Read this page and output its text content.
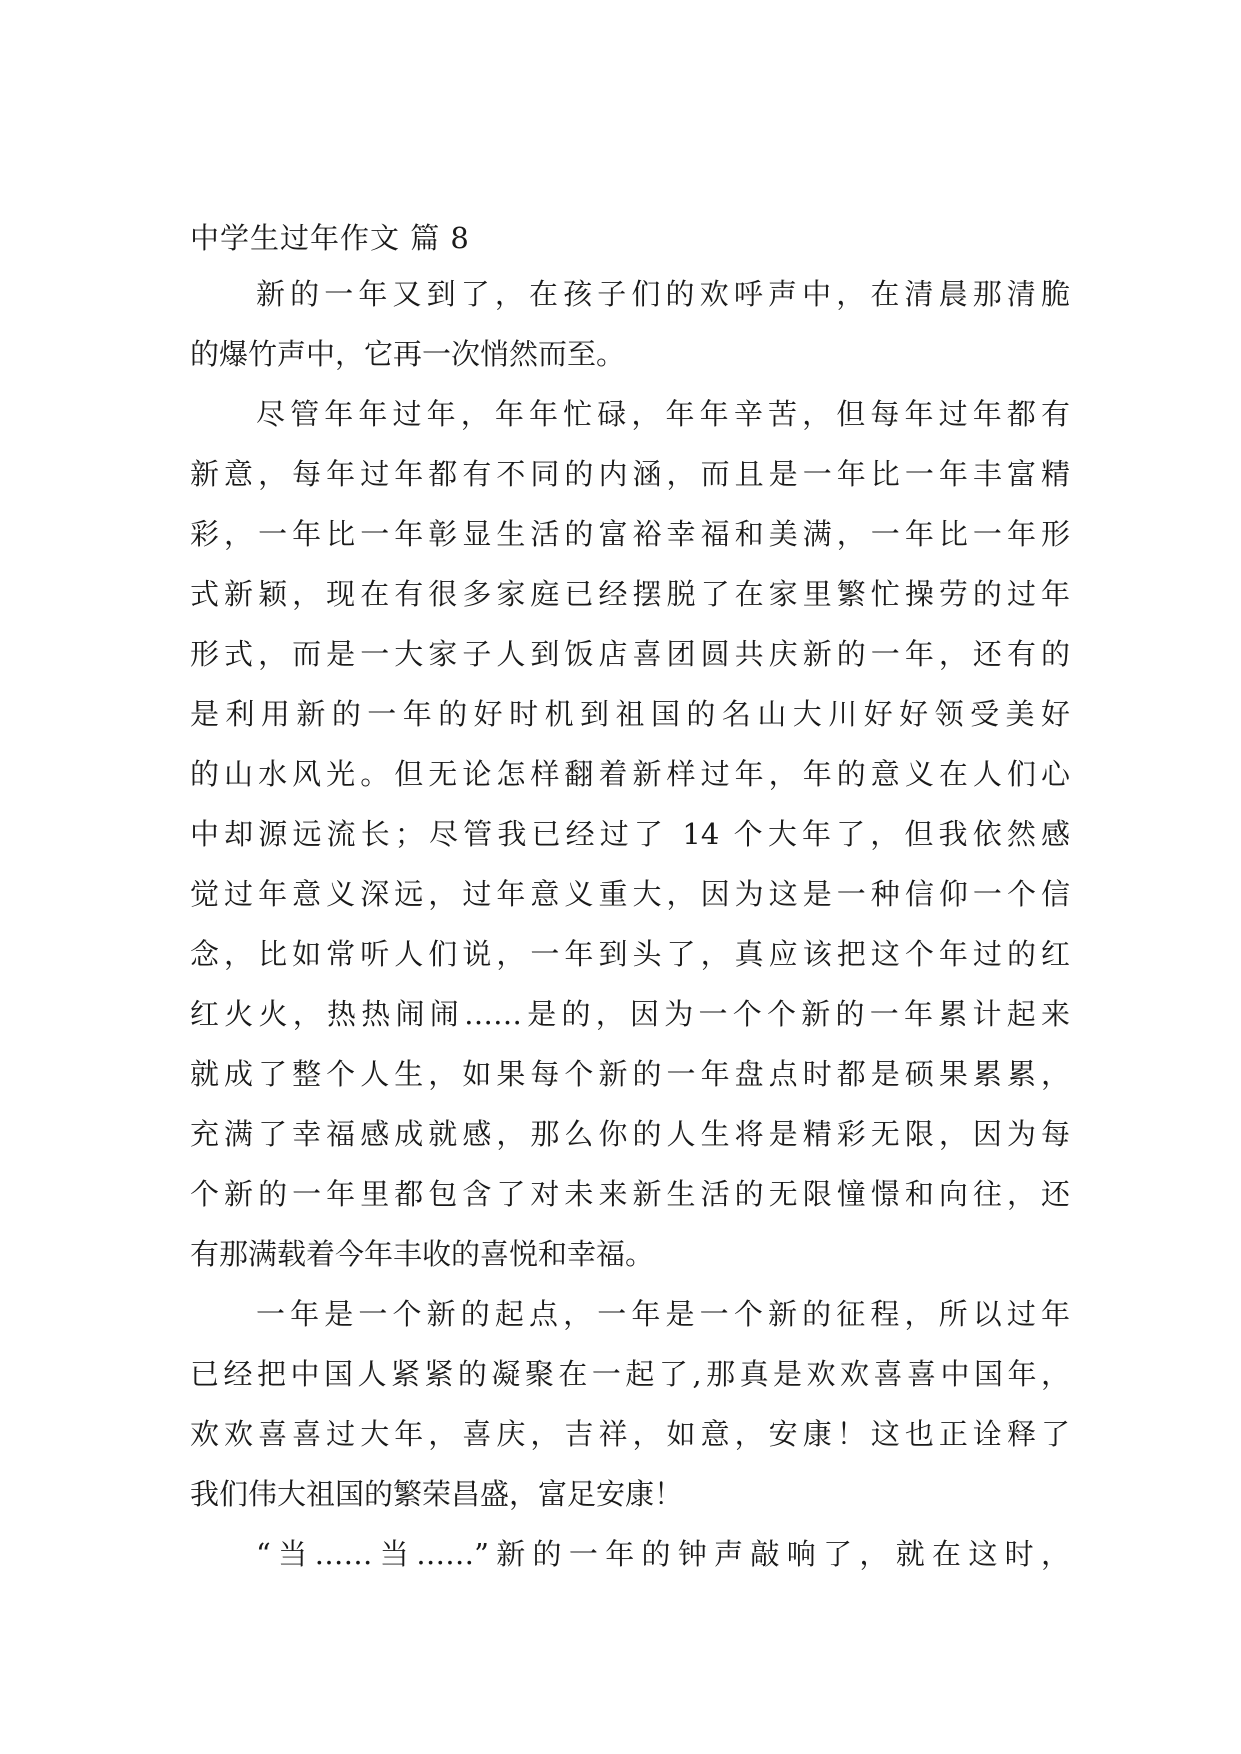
中学生过年作文 篇 8
新的一年又到了，在孩子们的欢呼声中，在清晨那清脆
的爆竹声中，它再一次悄然而至。
尽管年年过年，年年忙碌，年年辛苦，但每年过年都有
新意，每年过年都有不同的内涵，而且是一年比一年丰富精
彩，一年比一年彰显生活的富裕幸福和美满，一年比一年形
式新颖，现在有很多家庭已经摆脱了在家里繁忙操劳的过年
形式，而是一大家子人到饭店喜团圆共庆新的一年，还有的
是利用新的一年的好时机到祖国的名山大川好好领受美好
的山水风光。但无论怎样翻着新样过年，年的意义在人们心
中却源远流长；尽管我已经过了 14 个大年了，但我依然感
觉过年意义深远，过年意义重大，因为这是一种信仰一个信
念，比如常听人们说，一年到头了，真应该把这个年过的红
红火火，热热闹闹……是的，因为一个个新的一年累计起来
就成了整个人生，如果每个新的一年盘点时都是硕果累累，
充满了幸福感成就感，那么你的人生将是精彩无限，因为每
个新的一年里都包含了对未来新生活的无限憧憬和向往，还
有那满载着今年丰收的喜悦和幸福。
一年是一个新的起点，一年是一个新的征程，所以过年
已经把中国人紧紧的凝聚在一起了,那真是欢欢喜喜中国年，
欢欢喜喜过大年，喜庆，吉祥，如意，安康！这也正诠释了
我们伟大祖国的繁荣昌盛，富足安康！
“当……当……”新的一年的钟声敲响了，就在这时，
